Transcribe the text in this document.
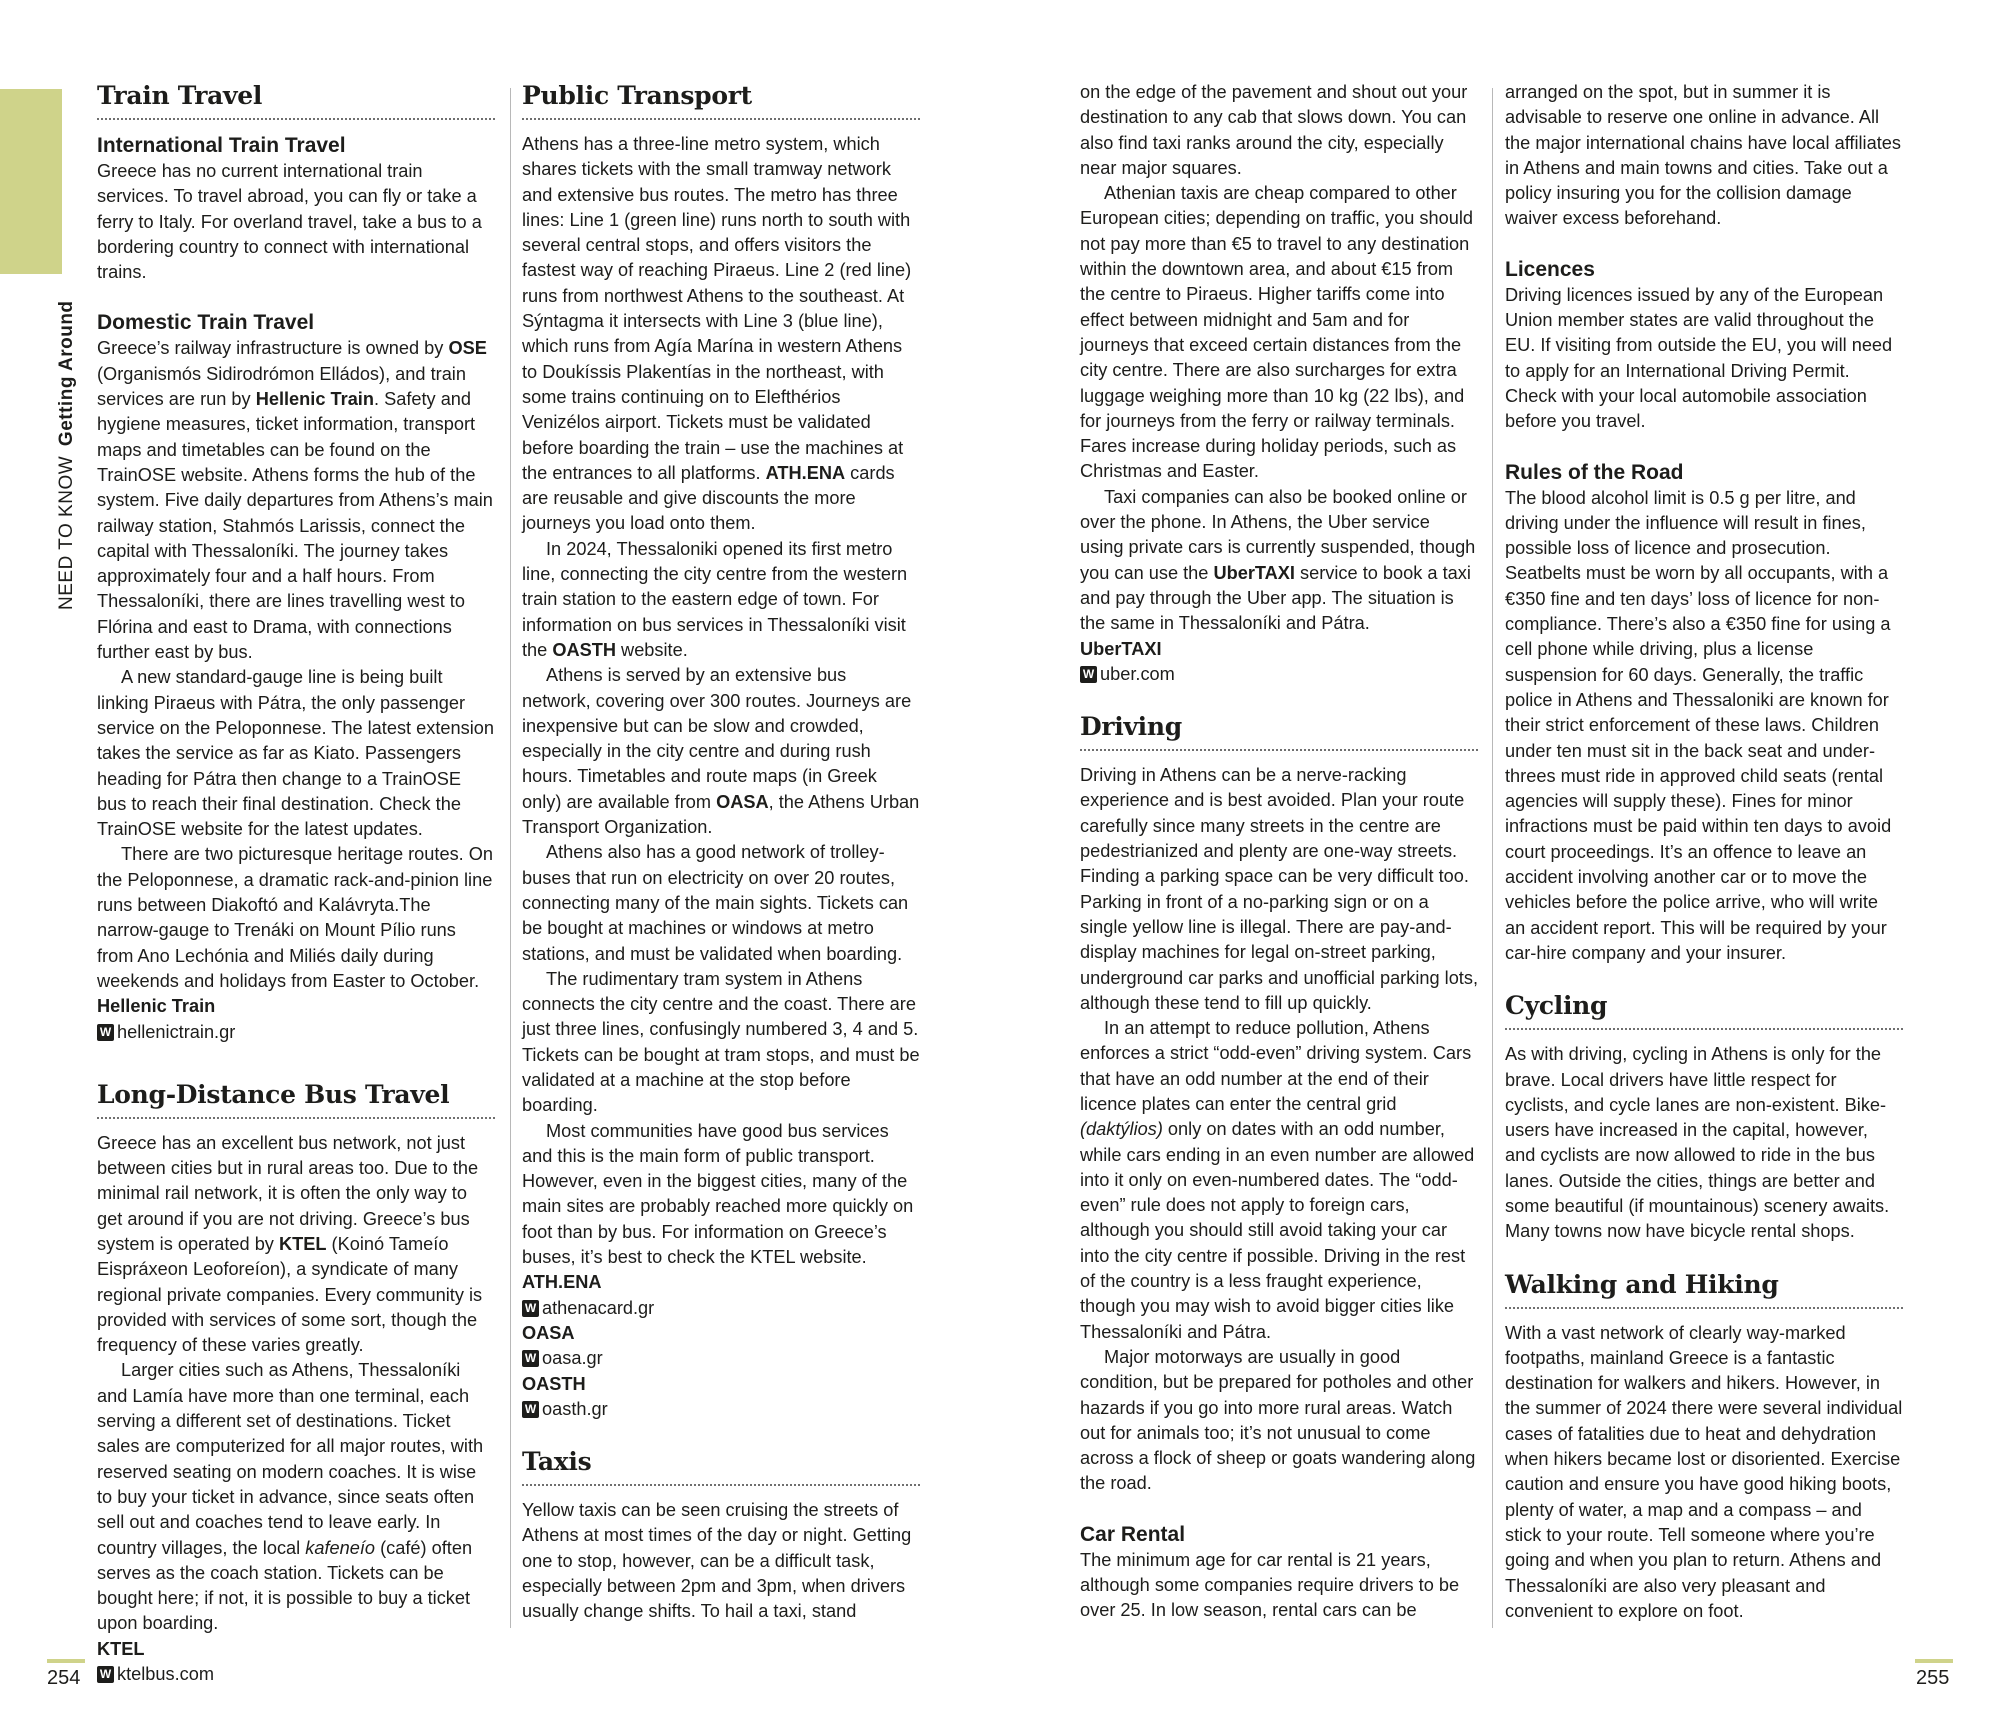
NEED TO KNOW Getting Around
Train Travel
International Train Travel

Greece has no current international train services. To travel abroad, you can fly or take a ferry to Italy. For overland travel, take a bus to a bordering country to connect with international trains.

Domestic Train Travel

Greece’s railway infrastructure is owned by OSE (Organismós Sidirodrómon Elládos), and train services are run by Hellenic Train. Safety and hygiene measures, ticket information, transport maps and timetables can be found on the TrainOSE website. Athens forms the hub of the system. Five daily departures from Athens’s main railway station, Stahmós Larissis, connect the capital with Thessaloníki. The journey takes approximately four and a half hours. From Thessaloníki, there are lines travelling west to Flórina and east to Drama, with connections further east by bus.

A new standard-gauge line is being built linking Piraeus with Pátra, the only passenger service on the Peloponnese. The latest extension takes the service as far as Kiato. Passengers heading for Pátra then change to a TrainOSE bus to reach their final destination. Check the TrainOSE website for the latest updates.

There are two picturesque heritage routes. On the Peloponnese, a dramatic rack-and-pinion line runs between Diakoftó and Kalávryta.The narrow-gauge to Trenáki on Mount Pílio runs from Ano Lechónia and Miliés daily during weekends and holidays from Easter to October.

Hellenic Train
W hellenictrain.gr
Long-Distance Bus Travel

Greece has an excellent bus network, not just between cities but in rural areas too. Due to the minimal rail network, it is often the only way to get around if you are not driving. Greece’s bus system is operated by KTEL (Koinó Tameío Eispráxeon Leoforeíon), a syndicate of many regional private companies. Every community is provided with services of some sort, though the frequency of these varies greatly.

Larger cities such as Athens, Thessaloníki and Lamía have more than one terminal, each serving a different set of destinations. Ticket sales are computerized for all major routes, with reserved seating on modern coaches. It is wise to buy your ticket in advance, since seats often sell out and coaches tend to leave early. In country villages, the local kafeneío (café) often serves as the coach station. Tickets can be bought here; if not, it is possible to buy a ticket upon boarding.

KTEL
W ktelbus.com
Public Transport

Athens has a three-line metro system, which shares tickets with the small tramway network and extensive bus routes. The metro has three lines: Line 1 (green line) runs north to south with several central stops, and offers visitors the fastest way of reaching Piraeus. Line 2 (red line) runs from northwest Athens to the southeast. At Sýntagma it intersects with Line 3 (blue line), which runs from Agía Marína in western Athens to Doukíssis Plakentías in the northeast, with some trains continuing on to Elefthérios Venizélos airport. Tickets must be validated before boarding the train – use the machines at the entrances to all platforms. ATH.ENA cards are reusable and give discounts the more journeys you load onto them.

In 2024, Thessaloniki opened its first metro line, connecting the city centre from the western train station to the eastern edge of town. For information on bus services in Thessaloníki visit the OASTH website.

Athens is served by an extensive bus network, covering over 300 routes. Journeys are inexpensive but can be slow and crowded, especially in the city centre and during rush hours. Timetables and route maps (in Greek only) are available from OASA, the Athens Urban Transport Organization.

Athens also has a good network of trolley-buses that run on electricity on over 20 routes, connecting many of the main sights. Tickets can be bought at machines or windows at metro stations, and must be validated when boarding.

The rudimentary tram system in Athens connects the city centre and the coast. There are just three lines, confusingly numbered 3, 4 and 5. Tickets can be bought at tram stops, and must be validated at a machine at the stop before boarding.

Most communities have good bus services and this is the main form of public transport. However, even in the biggest cities, many of the main sites are probably reached more quickly on foot than by bus. For information on Greece’s buses, it’s best to check the KTEL website.

ATH.ENA
W athenacard.gr
OASA
W oasa.gr
OASTH
W oasth.gr
Taxis

Yellow taxis can be seen cruising the streets of Athens at most times of the day or night. Getting one to stop, however, can be a difficult task, especially between 2pm and 3pm, when drivers usually change shifts. To hail a taxi, stand

on the edge of the pavement and shout out your destination to any cab that slows down. You can also find taxi ranks around the city, especially near major squares.

Athenian taxis are cheap compared to other European cities; depending on traffic, you should not pay more than €5 to travel to any destination within the downtown area, and about €15 from the centre to Piraeus. Higher tariffs come into effect between midnight and 5am and for journeys that exceed certain distances from the city centre. There are also surcharges for extra luggage weighing more than 10 kg (22 lbs), and for journeys from the ferry or railway terminals. Fares increase during holiday periods, such as Christmas and Easter.

Taxi companies can also be booked online or over the phone. In Athens, the Uber service using private cars is currently suspended, though you can use the UberTAXI service to book a taxi and pay through the Uber app. The situation is the same in Thessaloníki and Pátra.

UberTAXI
W uber.com
Driving

Driving in Athens can be a nerve-racking experience and is best avoided. Plan your route carefully since many streets in the centre are pedestrianized and plenty are one-way streets. Finding a parking space can be very difficult too. Parking in front of a no-parking sign or on a single yellow line is illegal. There are pay-and-display machines for legal on-street parking, underground car parks and unofficial parking lots, although these tend to fill up quickly.

In an attempt to reduce pollution, Athens enforces a strict “odd-even” driving system. Cars that have an odd number at the end of their licence plates can enter the central grid (daktýlios) only on dates with an odd number, while cars ending in an even number are allowed into it only on even-numbered dates. The “odd-even” rule does not apply to foreign cars, although you should still avoid taking your car into the city centre if possible. Driving in the rest of the country is a less fraught experience, though you may wish to avoid bigger cities like Thessaloníki and Pátra.

Major motorways are usually in good condition, but be prepared for potholes and other hazards if you go into more rural areas. Watch out for animals too; it’s not unusual to come across a flock of sheep or goats wandering along the road.

Car Rental

The minimum age for car rental is 21 years, although some companies require drivers to be over 25. In low season, rental cars can be

arranged on the spot, but in summer it is advisable to reserve one online in advance. All the major international chains have local affiliates in Athens and main towns and cities. Take out a policy insuring you for the collision damage waiver excess beforehand.

Licences

Driving licences issued by any of the European Union member states are valid throughout the EU. If visiting from outside the EU, you will need to apply for an International Driving Permit. Check with your local automobile association before you travel.

Rules of the Road

The blood alcohol limit is 0.5 g per litre, and driving under the influence will result in fines, possible loss of licence and prosecution. Seatbelts must be worn by all occupants, with a €350 fine and ten days’ loss of licence for non-compliance. There’s also a €350 fine for using a cell phone while driving, plus a license suspension for 60 days. Generally, the traffic police in Athens and Thessaloniki are known for their strict enforcement of these laws. Children under ten must sit in the back seat and under-threes must ride in approved child seats (rental agencies will supply these). Fines for minor infractions must be paid within ten days to avoid court proceedings. It’s an offence to leave an accident involving another car or to move the vehicles before the police arrive, who will write an accident report. This will be required by your car-hire company and your insurer.

Cycling

As with driving, cycling in Athens is only for the brave. Local drivers have little respect for cyclists, and cycle lanes are non-existent. Bike-users have increased in the capital, however, and cyclists are now allowed to ride in the bus lanes. Outside the cities, things are better and some beautiful (if mountainous) scenery awaits. Many towns now have bicycle rental shops.

Walking and Hiking

With a vast network of clearly way-marked footpaths, mainland Greece is a fantastic destination for walkers and hikers. However, in the summer of 2024 there were several individual cases of fatalities due to heat and dehydration when hikers became lost or disoriented. Exercise caution and ensure you have good hiking boots, plenty of water, a map and a compass – and stick to your route. Tell someone where you’re going and when you plan to return. Athens and Thessaloníki are also very pleasant and convenient to explore on foot.

254	255
